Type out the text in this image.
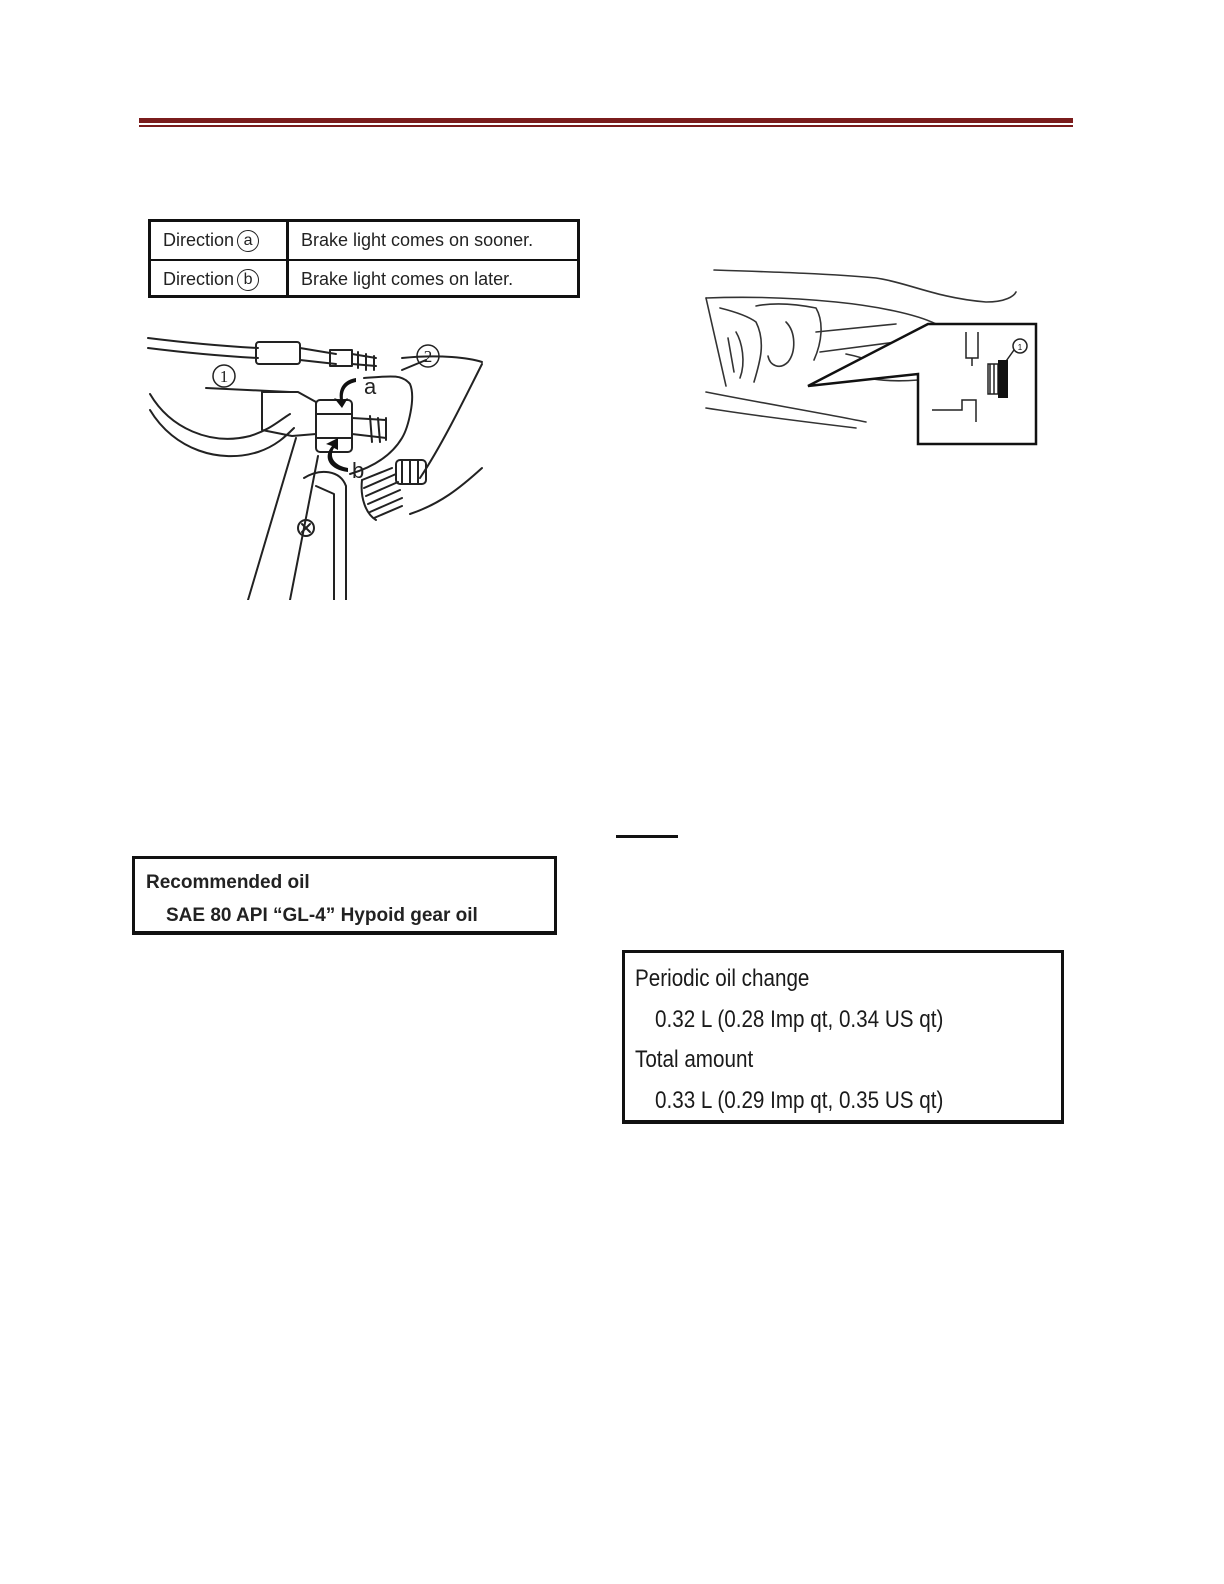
Direction a	Brake light comes on sooner.
Direction b	Brake light comes on later.
1
2
a
b
1
Recommended oil
SAE 80 API “GL-4” Hypoid gear oil
Periodic oil change
0.32 L (0.28 Imp qt, 0.34 US qt)
Total amount
0.33 L (0.29 Imp qt, 0.35 US qt)
